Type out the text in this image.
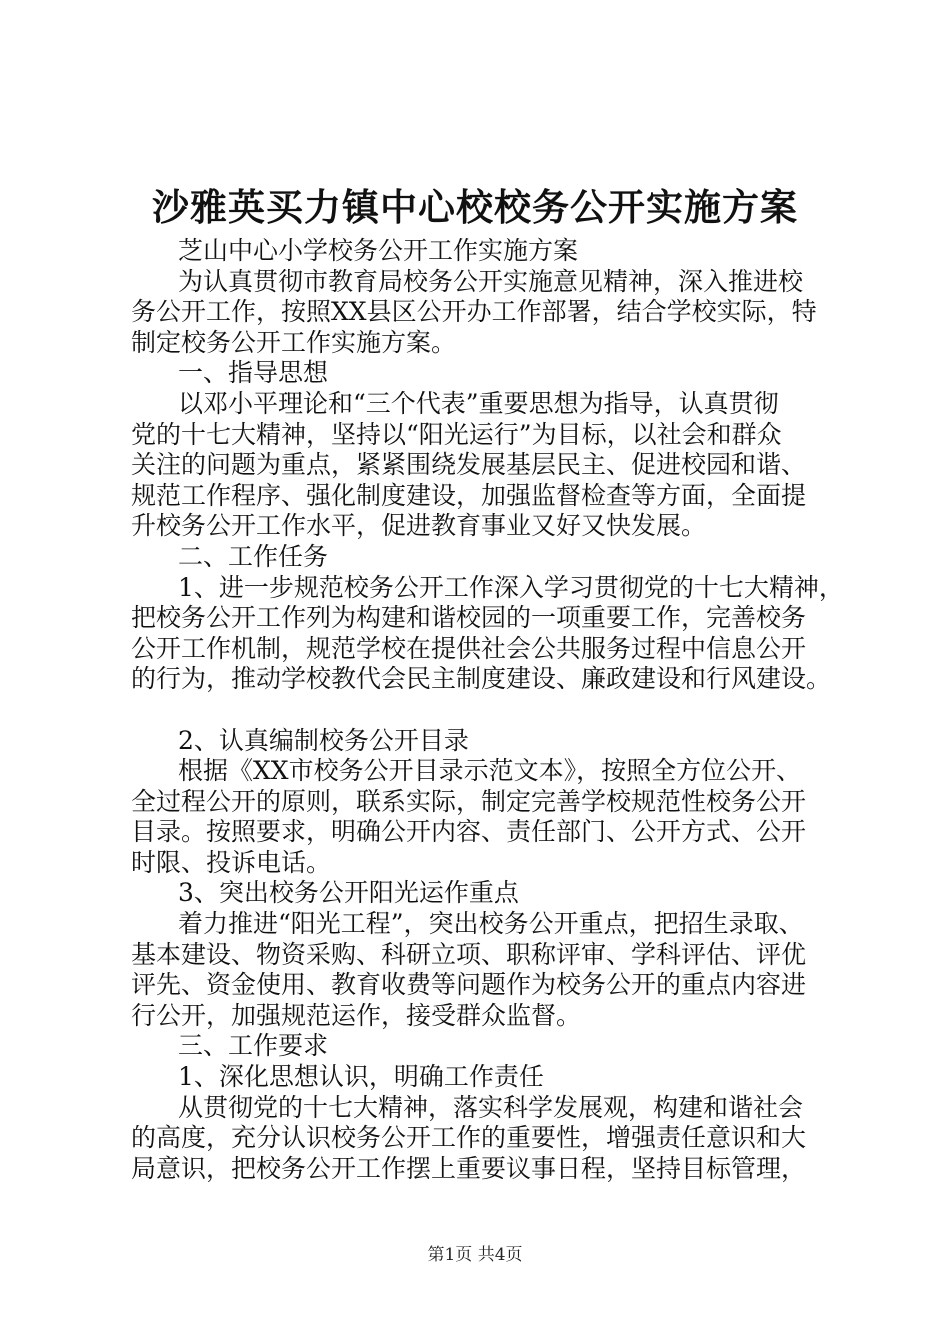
沙雅英买力镇中心校校务公开实施方案
芝山中心小学校务公开工作实施方案
为认真贯彻市教育局校务公开实施意见精神，深入推进校
务公开工作，按照XX县区公开办工作部署，结合学校实际，特
制定校务公开工作实施方案。
一、指导思想
以邓小平理论和“三个代表”重要思想为指导，认真贯彻
党的十七大精神，坚持以“阳光运行”为目标，以社会和群众
关注的问题为重点，紧紧围绕发展基层民主、促进校园和谐、
规范工作程序、强化制度建设，加强监督检查等方面，全面提
升校务公开工作水平，促进教育事业又好又快发展。
二、工作任务
1、进一步规范校务公开工作深入学习贯彻党的十七大精神，
把校务公开工作列为构建和谐校园的一项重要工作，完善校务
公开工作机制，规范学校在提供社会公共服务过程中信息公开
的行为，推动学校教代会民主制度建设、廉政建设和行风建设。
2、认真编制校务公开目录
根据《XX市校务公开目录示范文本》，按照全方位公开、
全过程公开的原则，联系实际，制定完善学校规范性校务公开
目录。按照要求，明确公开内容、责任部门、公开方式、公开
时限、投诉电话。
3、突出校务公开阳光运作重点
着力推进“阳光工程”，突出校务公开重点，把招生录取、
基本建设、物资采购、科研立项、职称评审、学科评估、评优
评先、资金使用、教育收费等问题作为校务公开的重点内容进
行公开，加强规范运作，接受群众监督。
三、工作要求
1、深化思想认识，明确工作责任
从贯彻党的十七大精神，落实科学发展观，构建和谐社会
的高度，充分认识校务公开工作的重要性，增强责任意识和大
局意识，把校务公开工作摆上重要议事日程，坚持目标管理，
第1页 共4页
